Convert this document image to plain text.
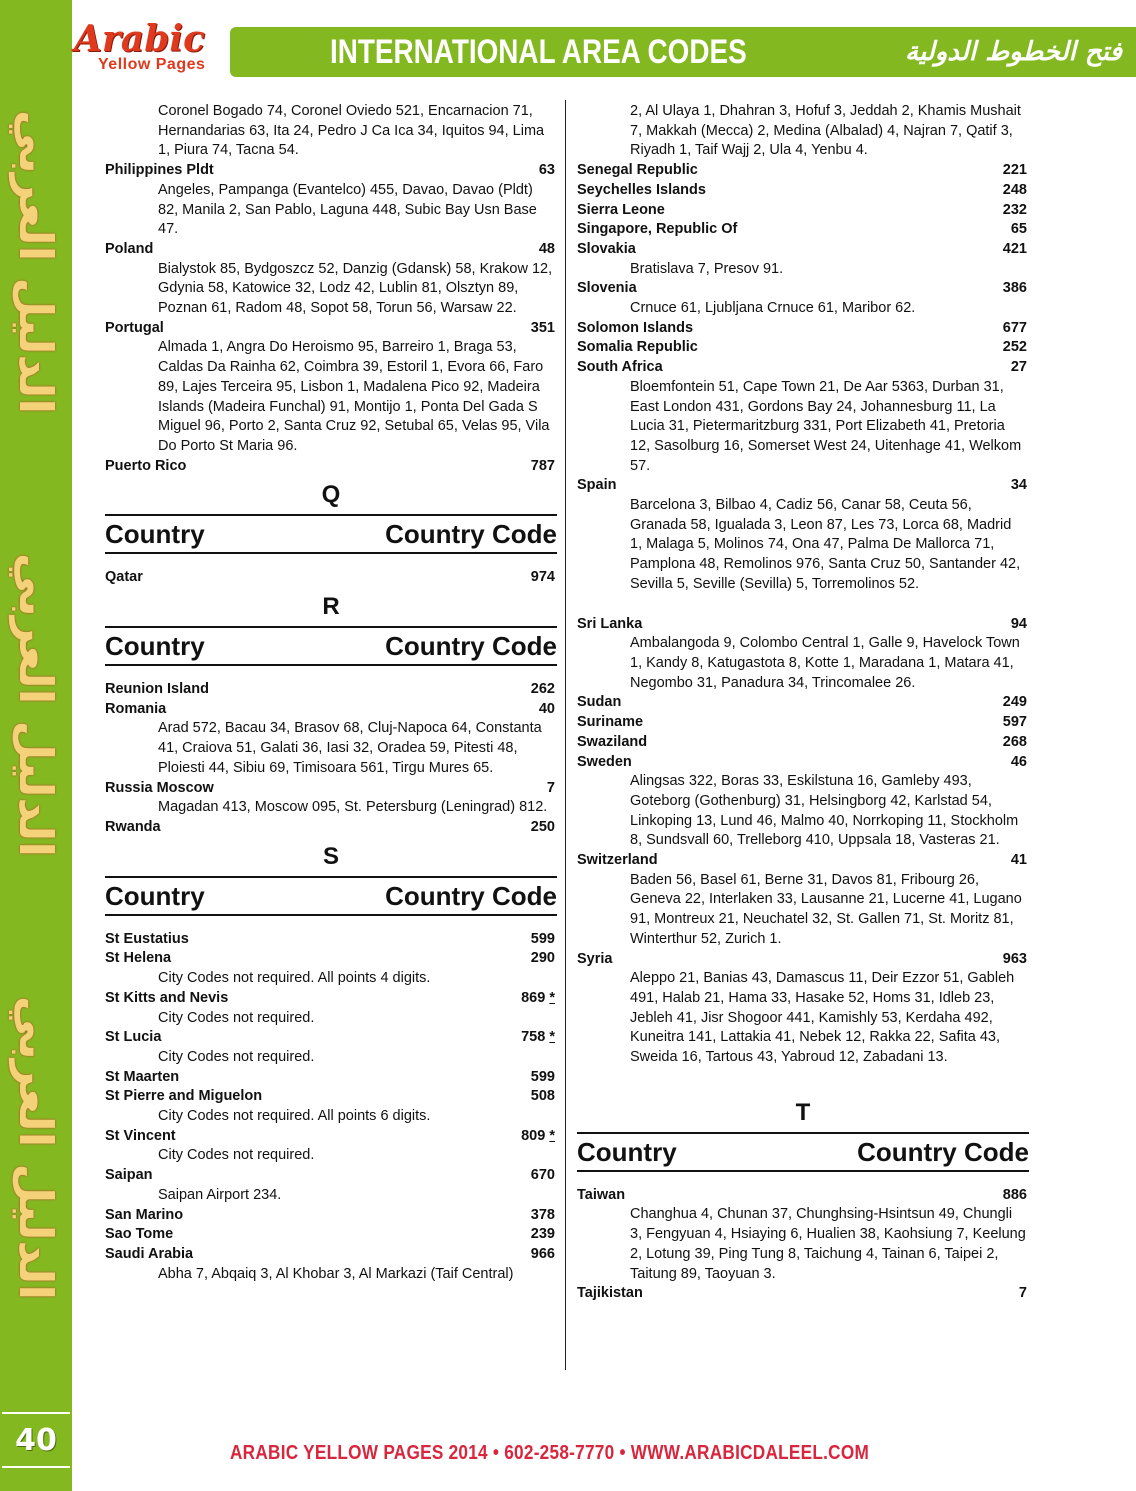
الدليل العربي
الدليل العربي
الدليل العربي
40
Arabic
Yellow Pages	INTERNATIONAL AREA CODES	فتح الخطوط الدولية
Coronel Bogado 74, Coronel Oviedo 521, Encarnacion 71, Hernandarias 63, Ita 24, Pedro J Ca Ica 34, Iquitos 94, Lima 1, Piura 74, Tacna 54.
Philippines Pldt	63
Angeles, Pampanga (Evantelco) 455, Davao, Davao (Pldt) 82, Manila 2, San Pablo, Laguna 448, Subic Bay Usn Base 47.
Poland	48
Bialystok 85, Bydgoszcz 52, Danzig (Gdansk) 58, Krakow 12, Gdynia 58, Katowice 32, Lodz 42, Lublin 81, Olsztyn 89, Poznan 61, Radom 48, Sopot 58, Torun 56, Warsaw 22.
Portugal	351
Almada 1, Angra Do Heroismo 95, Barreiro 1, Braga 53, Caldas Da Rainha 62, Coimbra 39, Estoril 1, Evora 66, Faro 89, Lajes Terceira 95, Lisbon 1, Madalena Pico 92, Madeira Islands (Madeira Funchal) 91, Montijo 1, Ponta Del Gada S Miguel 96, Porto 2, Santa Cruz 92, Setubal 65, Velas 95, Vila Do Porto St Maria 96.
Puerto Rico	787
Q
Country	Country Code
Qatar	974
R
Country	Country Code
Reunion Island	262
Romania	40
Arad 572, Bacau 34, Brasov 68, Cluj-Napoca 64, Constanta 41, Craiova 51, Galati 36, Iasi 32, Oradea 59, Pitesti 48, Ploiesti 44, Sibiu 69, Timisoara 561, Tirgu Mures 65.
Russia Moscow	7
Magadan 413, Moscow 095, St. Petersburg (Leningrad) 812.
Rwanda	250
S
Country	Country Code
St Eustatius	599
St Helena	290
City Codes not required. All points 4 digits.
St Kitts and Nevis	869 *
City Codes not required.
St Lucia	758 *
City Codes not required.
St Maarten	599
St Pierre and Miguelon	508
City Codes not required. All points 6 digits.
St Vincent	809 *
City Codes not required.
Saipan	670
Saipan Airport 234.
San Marino	378
Sao Tome	239
Saudi Arabia	966
Abha 7, Abqaiq 3, Al Khobar 3, Al Markazi (Taif Central)
2, Al Ulaya 1, Dhahran 3, Hofuf 3, Jeddah 2, Khamis Mushait 7, Makkah (Mecca) 2, Medina (Albalad) 4, Najran 7, Qatif 3, Riyadh 1, Taif Wajj 2, Ula 4, Yenbu 4.
Senegal Republic	221
Seychelles Islands	248
Sierra Leone	232
Singapore, Republic Of	65
Slovakia	421
Bratislava 7, Presov 91.
Slovenia	386
Crnuce 61, Ljubljana Crnuce 61, Maribor 62.
Solomon Islands	677
Somalia Republic	252
South Africa	27
Bloemfontein 51, Cape Town 21, De Aar 5363, Durban 31, East London 431, Gordons Bay 24, Johannesburg 11, La Lucia 31, Pietermaritzburg 331, Port Elizabeth 41, Pretoria 12, Sasolburg 16, Somerset West 24, Uitenhage 41, Welkom 57.
Spain	34
Barcelona 3, Bilbao 4, Cadiz 56, Canar 58, Ceuta 56, Granada 58, Igualada 3, Leon 87, Les 73, Lorca 68, Madrid 1, Malaga 5, Molinos 74, Ona 47, Palma De Mallorca 71, Pamplona 48, Remolinos 976, Santa Cruz 50, Santander 42, Sevilla 5, Seville (Sevilla) 5, Torremolinos 52.
Sri Lanka	94
Ambalangoda 9, Colombo Central 1, Galle 9, Havelock Town 1, Kandy 8, Katugastota 8, Kotte 1, Maradana 1, Matara 41, Negombo 31, Panadura 34, Trincomalee 26.
Sudan	249
Suriname	597
Swaziland	268
Sweden	46
Alingsas 322, Boras 33, Eskilstuna 16, Gamleby 493, Goteborg (Gothenburg) 31, Helsingborg 42, Karlstad 54, Linkoping 13, Lund 46, Malmo 40, Norrkoping 11, Stockholm 8, Sundsvall 60, Trelleborg 410, Uppsala 18, Vasteras 21.
Switzerland	41
Baden 56, Basel 61, Berne 31, Davos 81, Fribourg 26, Geneva 22, Interlaken 33, Lausanne 21, Lucerne 41, Lugano 91, Montreux 21, Neuchatel 32, St. Gallen 71, St. Moritz 81, Winterthur 52, Zurich 1.
Syria	963
Aleppo 21, Banias 43, Damascus 11, Deir Ezzor 51, Gableh 491, Halab 21, Hama 33, Hasake 52, Homs 31, Idleb 23, Jebleh 41, Jisr Shogoor 441, Kamishly 53, Kerdaha 492, Kuneitra 141, Lattakia 41, Nebek 12, Rakka 22, Safita 43, Sweida 16, Tartous 43, Yabroud 12, Zabadani 13.
T
Country	Country Code
Taiwan	886
Changhua 4, Chunan 37, Chunghsing-Hsintsun 49, Chungli 3, Fengyuan 4, Hsiaying 6, Hualien 38, Kaohsiung 7, Keelung 2, Lotung 39, Ping Tung 8, Taichung 4, Tainan 6, Taipei 2, Taitung 89, Taoyuan 3.
Tajikistan	7
ARABIC YELLOW PAGES 2014 • 602-258-7770 • WWW.ARABICDALEEL.COM
